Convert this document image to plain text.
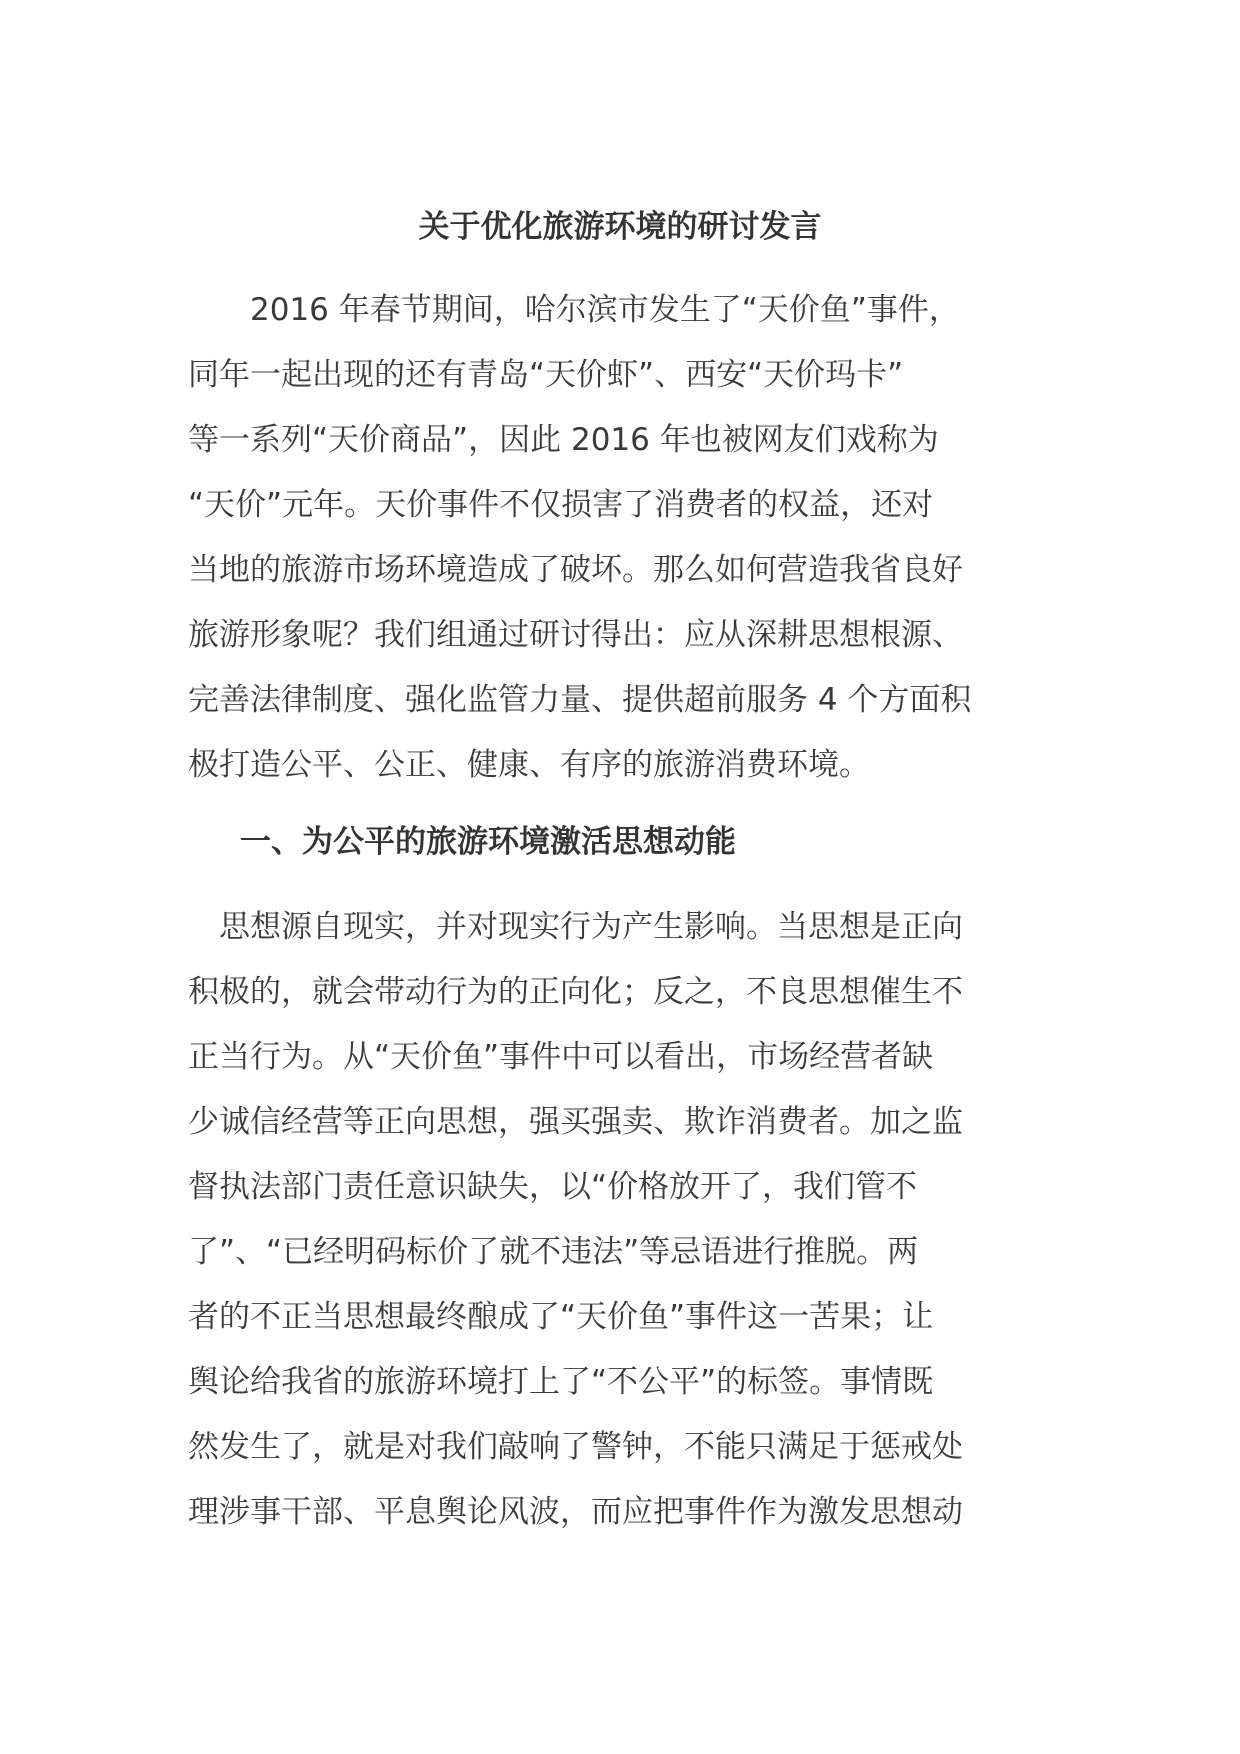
关于优化旅游环境的研讨发言

　　2016 年春节期间，哈尔滨市发生了“天价鱼”事件，
同年一起出现的还有青岛“天价虾”、西安“天价玛卡”
等一系列“天价商品”，因此 2016 年也被网友们戏称为
“天价”元年。天价事件不仅损害了消费者的权益，还对
当地的旅游市场环境造成了破坏。那么如何营造我省良好
旅游形象呢？我们组通过研讨得出：应从深耕思想根源、
完善法律制度、强化监管力量、提供超前服务 4 个方面积
极打造公平、公正、健康、有序的旅游消费环境。

一、为公平的旅游环境激活思想动能

　思想源自现实，并对现实行为产生影响。当思想是正向
积极的，就会带动行为的正向化；反之，不良思想催生不
正当行为。从“天价鱼”事件中可以看出，市场经营者缺
少诚信经营等正向思想，强买强卖、欺诈消费者。加之监
督执法部门责任意识缺失，以“价格放开了，我们管不
了”、“已经明码标价了就不违法”等忌语进行推脱。两
者的不正当思想最终酿成了“天价鱼”事件这一苦果；让
舆论给我省的旅游环境打上了“不公平”的标签。事情既
然发生了，就是对我们敲响了警钟，不能只满足于惩戒处
理涉事干部、平息舆论风波，而应把事件作为激发思想动
